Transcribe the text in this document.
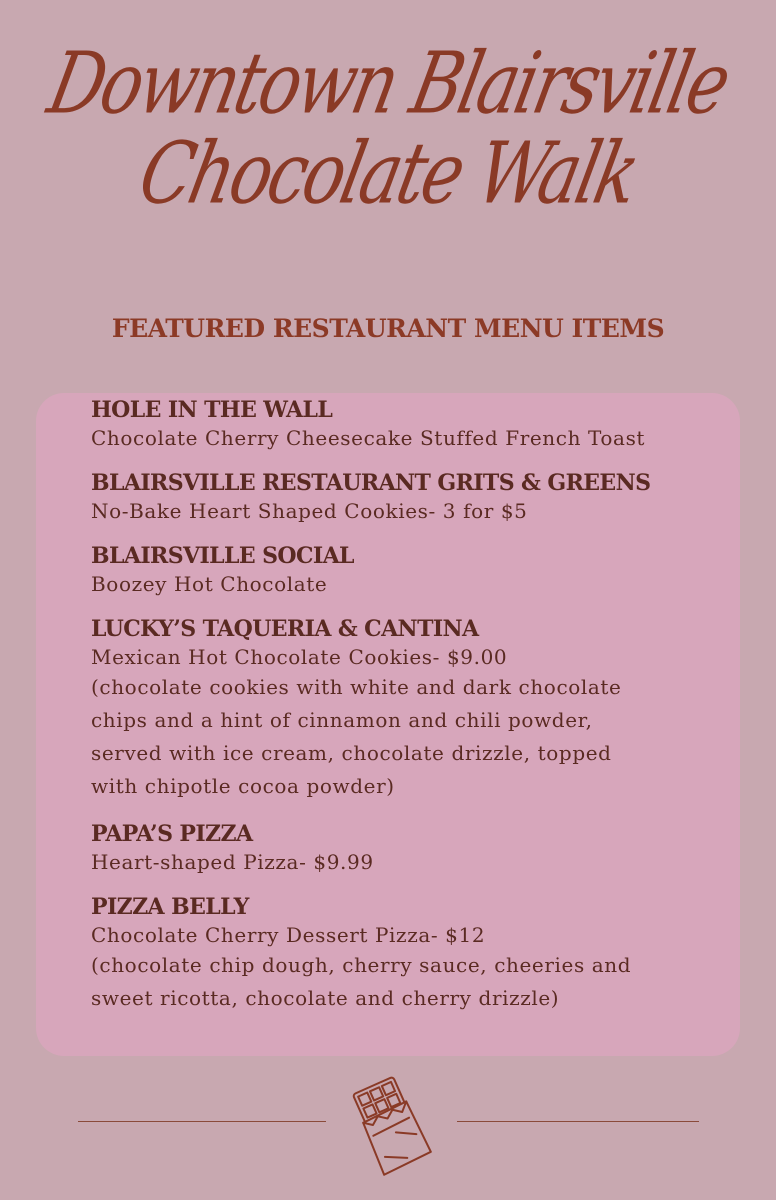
Downtown Blairsville
Chocolate Walk
FEATURED RESTAURANT MENU ITEMS
HOLE IN THE WALL
Chocolate Cherry Cheesecake Stuffed French Toast
BLAIRSVILLE RESTAURANT GRITS & GREENS
No-Bake Heart Shaped Cookies- 3 for $5
BLAIRSVILLE SOCIAL
Boozey Hot Chocolate
LUCKY’S TAQUERIA & CANTINA
Mexican Hot Chocolate Cookies- $9.00
(chocolate cookies with white and dark chocolate
chips and a hint of cinnamon and chili powder,
served with ice cream, chocolate drizzle, topped
with chipotle cocoa powder)
PAPA’S PIZZA
Heart-shaped Pizza- $9.99
PIZZA BELLY
Chocolate Cherry Dessert Pizza- $12
(chocolate chip dough, cherry sauce, cheeries and
sweet ricotta, chocolate and cherry drizzle)
